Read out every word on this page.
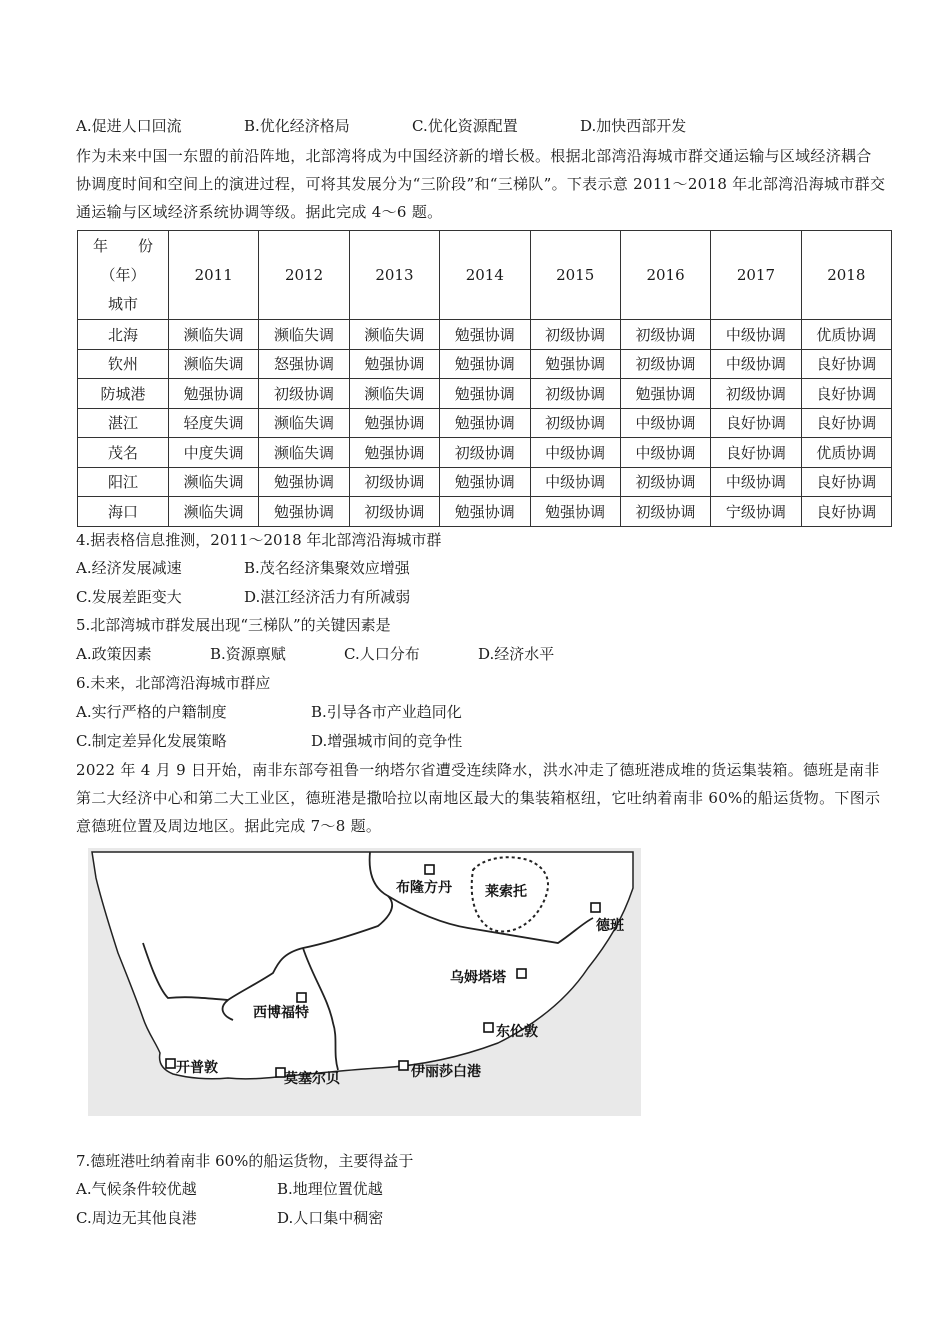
A.促进人口回流	B.优化经济格局	C.优化资源配置	D.加快西部开发
作为未来中国一东盟的前沿阵地，北部湾将成为中国经济新的增长极。根据北部湾沿海城市群交通运输与区域经济耦合协调度时间和空间上的演进过程，可将其发展分为“三阶段”和“三梯队”。下表示意 2011～2018 年北部湾沿海城市群交通运输与区域经济系统协调等级。据此完成 4～6 题。
年　　份
（年）
城市	2011	2012	2013	2014	2015	2016	2017	2018
北海	濒临失调	濒临失调	濒临失调	勉强协调	初级协调	初级协调	中级协调	优质协调
钦州	濒临失调	怒强协调	勉强协调	勉强协调	勉强协调	初级协调	中级协调	良好协调
防城港	勉强协调	初级协调	濒临失调	勉强协调	初级协调	勉强协调	初级协调	良好协调
湛江	轻度失调	濒临失调	勉强协调	勉强协调	初级协调	中级协调	良好协调	良好协调
茂名	中度失调	濒临失调	勉强协调	初级协调	中级协调	中级协调	良好协调	优质协调
阳江	濒临失调	勉强协调	初级协调	勉强协调	中级协调	初级协调	中级协调	良好协调
海口	濒临失调	勉强协调	初级协调	勉强协调	勉强协调	初级协调	宁级协调	良好协调
4.据表格信息推测，2011～2018 年北部湾沿海城市群
A.经济发展减速	B.茂名经济集聚效应增强
C.发展差距变大	D.湛江经济活力有所减弱
5.北部湾城市群发展出现“三梯队”的关键因素是
A.政策因素	B.资源禀赋	C.人口分布	D.经济水平
6.未来，北部湾沿海城市群应
A.实行严格的户籍制度	B.引导各市产业趋同化
C.制定差异化发展策略	D.增强城市间的竞争性
2022 年 4 月 9 日开始，南非东部夸祖鲁一纳塔尔省遭受连续降水，洪水冲走了德班港成堆的货运集装箱。德班是南非第二大经济中心和第二大工业区，德班港是撒哈拉以南地区最大的集装箱枢纽，它吐纳着南非 60%的船运货物。下图示意德班位置及周边地区。据此完成 7～8 题。
布隆方丹 莱索托
德班
乌姆塔塔
西博福特
东伦敦
开普敦
莫塞尔贝	伊丽莎白港
7.德班港吐纳着南非 60%的船运货物，主要得益于
A.气候条件较优越	B.地理位置优越
C.周边无其他良港	D.人口集中稠密
